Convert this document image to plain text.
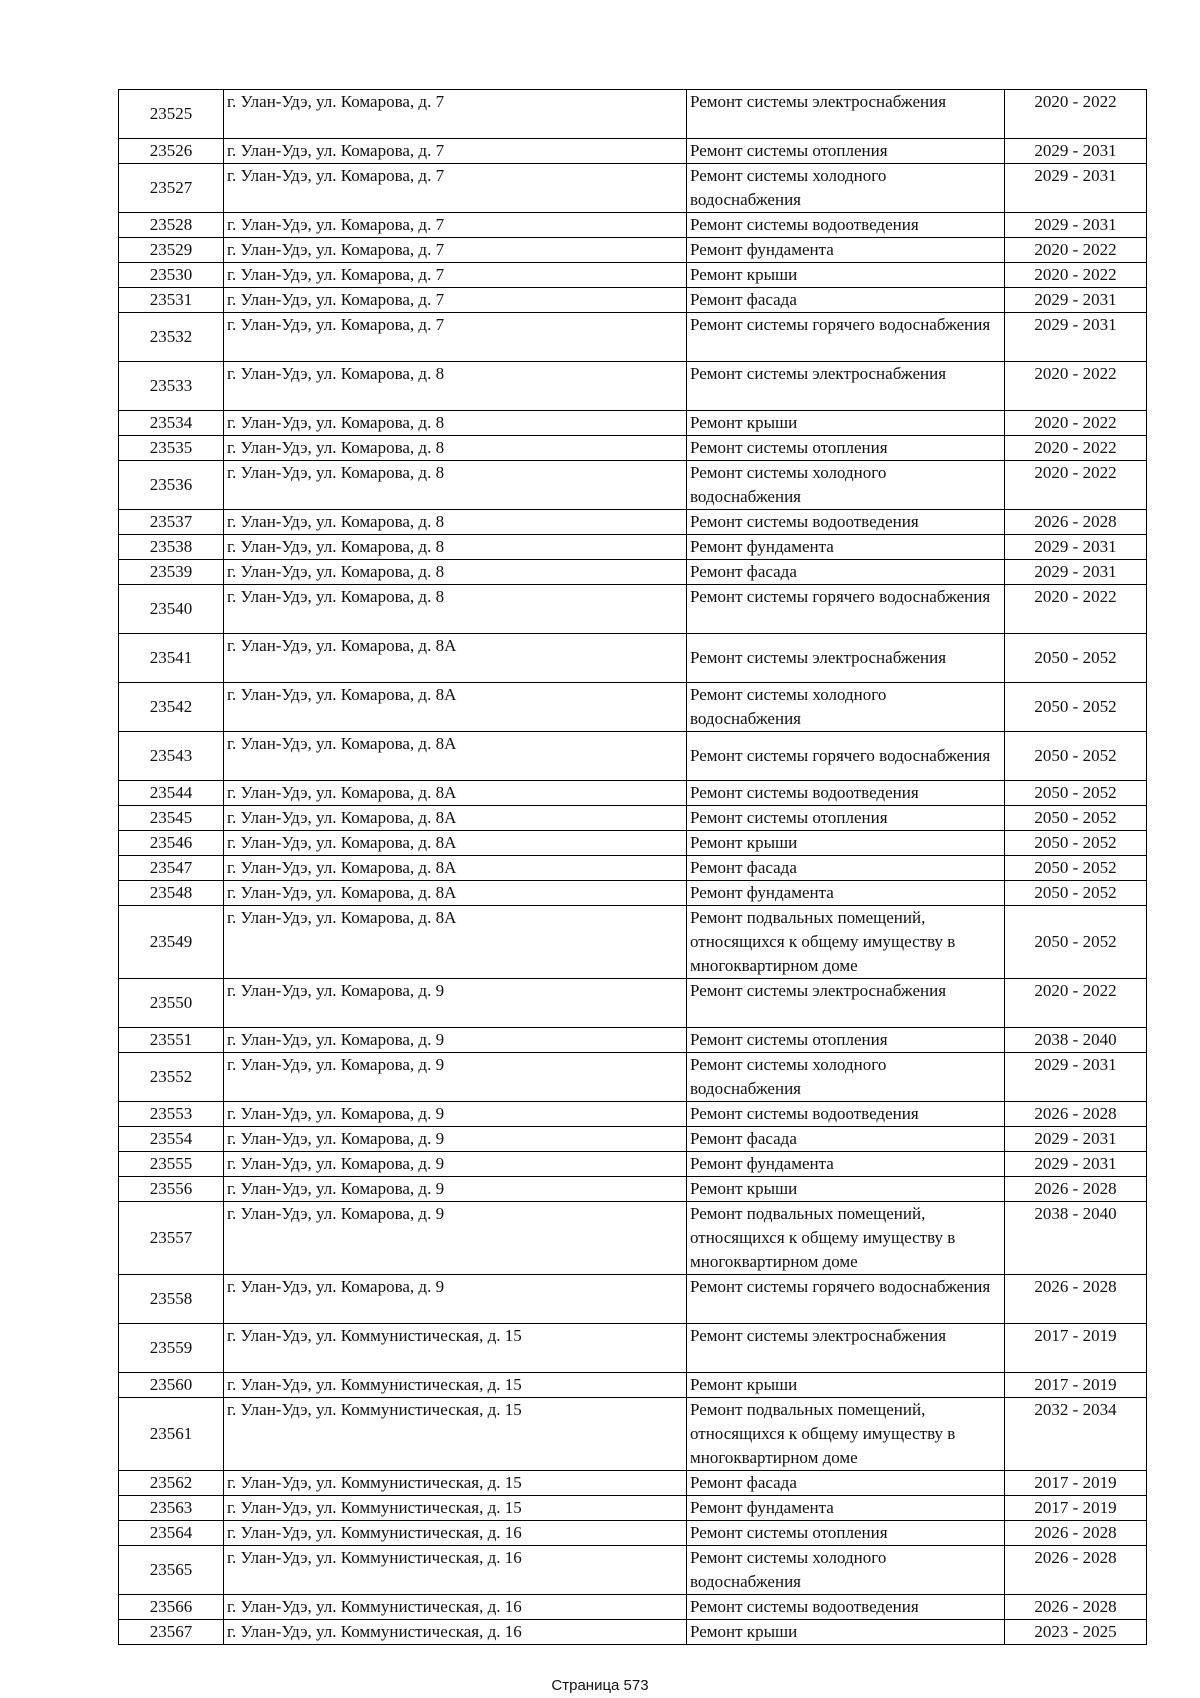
23525	г. Улан-Удэ, ул. Комарова, д. 7	Ремонт системы электроснабжения	2020 - 2022
23526	г. Улан-Удэ, ул. Комарова, д. 7	Ремонт системы отопления	2029 - 2031
23527	г. Улан-Удэ, ул. Комарова, д. 7	Ремонт системы холодного водоснабжения	2029 - 2031
23528	г. Улан-Удэ, ул. Комарова, д. 7	Ремонт системы водоотведения	2029 - 2031
23529	г. Улан-Удэ, ул. Комарова, д. 7	Ремонт фундамента	2020 - 2022
23530	г. Улан-Удэ, ул. Комарова, д. 7	Ремонт крыши	2020 - 2022
23531	г. Улан-Удэ, ул. Комарова, д. 7	Ремонт фасада	2029 - 2031
23532	г. Улан-Удэ, ул. Комарова, д. 7	Ремонт системы горячего водоснабжения	2029 - 2031
23533	г. Улан-Удэ, ул. Комарова, д. 8	Ремонт системы электроснабжения	2020 - 2022
23534	г. Улан-Удэ, ул. Комарова, д. 8	Ремонт крыши	2020 - 2022
23535	г. Улан-Удэ, ул. Комарова, д. 8	Ремонт системы отопления	2020 - 2022
23536	г. Улан-Удэ, ул. Комарова, д. 8	Ремонт системы холодного водоснабжения	2020 - 2022
23537	г. Улан-Удэ, ул. Комарова, д. 8	Ремонт системы водоотведения	2026 - 2028
23538	г. Улан-Удэ, ул. Комарова, д. 8	Ремонт фундамента	2029 - 2031
23539	г. Улан-Удэ, ул. Комарова, д. 8	Ремонт фасада	2029 - 2031
23540	г. Улан-Удэ, ул. Комарова, д. 8	Ремонт системы горячего водоснабжения	2020 - 2022
23541	г. Улан-Удэ, ул. Комарова, д. 8А	Ремонт системы электроснабжения	2050 - 2052
23542	г. Улан-Удэ, ул. Комарова, д. 8А	Ремонт системы холодного водоснабжения	2050 - 2052
23543	г. Улан-Удэ, ул. Комарова, д. 8А	Ремонт системы горячего водоснабжения	2050 - 2052
23544	г. Улан-Удэ, ул. Комарова, д. 8А	Ремонт системы водоотведения	2050 - 2052
23545	г. Улан-Удэ, ул. Комарова, д. 8А	Ремонт системы отопления	2050 - 2052
23546	г. Улан-Удэ, ул. Комарова, д. 8А	Ремонт крыши	2050 - 2052
23547	г. Улан-Удэ, ул. Комарова, д. 8А	Ремонт фасада	2050 - 2052
23548	г. Улан-Удэ, ул. Комарова, д. 8А	Ремонт фундамента	2050 - 2052
23549	г. Улан-Удэ, ул. Комарова, д. 8А	Ремонт подвальных помещений, относящихся к общему имуществу в многоквартирном доме	2050 - 2052
23550	г. Улан-Удэ, ул. Комарова, д. 9	Ремонт системы электроснабжения	2020 - 2022
23551	г. Улан-Удэ, ул. Комарова, д. 9	Ремонт системы отопления	2038 - 2040
23552	г. Улан-Удэ, ул. Комарова, д. 9	Ремонт системы холодного водоснабжения	2029 - 2031
23553	г. Улан-Удэ, ул. Комарова, д. 9	Ремонт системы водоотведения	2026 - 2028
23554	г. Улан-Удэ, ул. Комарова, д. 9	Ремонт фасада	2029 - 2031
23555	г. Улан-Удэ, ул. Комарова, д. 9	Ремонт фундамента	2029 - 2031
23556	г. Улан-Удэ, ул. Комарова, д. 9	Ремонт крыши	2026 - 2028
23557	г. Улан-Удэ, ул. Комарова, д. 9	Ремонт подвальных помещений, относящихся к общему имуществу в многоквартирном доме	2038 - 2040
23558	г. Улан-Удэ, ул. Комарова, д. 9	Ремонт системы горячего водоснабжения	2026 - 2028
23559	г. Улан-Удэ, ул. Коммунистическая, д. 15	Ремонт системы электроснабжения	2017 - 2019
23560	г. Улан-Удэ, ул. Коммунистическая, д. 15	Ремонт крыши	2017 - 2019
23561	г. Улан-Удэ, ул. Коммунистическая, д. 15	Ремонт подвальных помещений, относящихся к общему имуществу в многоквартирном доме	2032 - 2034
23562	г. Улан-Удэ, ул. Коммунистическая, д. 15	Ремонт фасада	2017 - 2019
23563	г. Улан-Удэ, ул. Коммунистическая, д. 15	Ремонт фундамента	2017 - 2019
23564	г. Улан-Удэ, ул. Коммунистическая, д. 16	Ремонт системы отопления	2026 - 2028
23565	г. Улан-Удэ, ул. Коммунистическая, д. 16	Ремонт системы холодного водоснабжения	2026 - 2028
23566	г. Улан-Удэ, ул. Коммунистическая, д. 16	Ремонт системы водоотведения	2026 - 2028
23567	г. Улан-Удэ, ул. Коммунистическая, д. 16	Ремонт крыши	2023 - 2025
Страница 573
